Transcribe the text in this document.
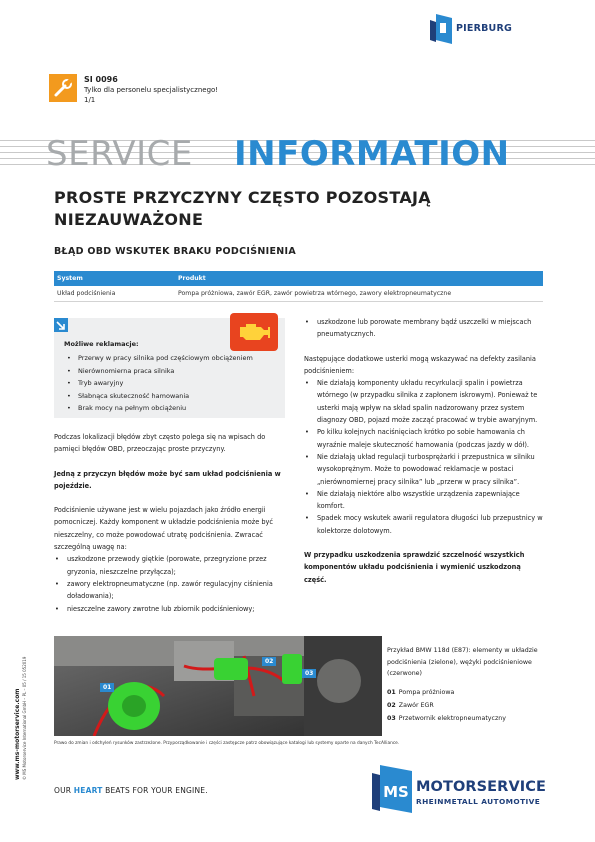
PIERBURG
SI 0096
Tylko dla personelu specjalistycznego!
1/1
SERVICE INFORMATION
PROSTE PRZYCZYNY CZĘSTO POZOSTAJĄ NIEZAUWAŻONE
BŁĄD OBD WSKUTEK BRAKU PODCIŚNIENIA
System	Produkt
Układ podciśnienia	Pompa próżniowa, zawór EGR, zawór powietrza wtórnego, zawory elektropneumatyczne
Możliwe reklamacje:
• Przerwy w pracy silnika pod częściowym obciążeniem
• Nierównomierna praca silnika
• Tryb awaryjny
• Słabnąca skuteczność hamowania
• Brak mocy na pełnym obciążeniu

Podczas lokalizacji błędów zbyt często polega się na wpisach do pamięci błędów OBD, przeoczając proste przyczyny.

Jedną z przyczyn błędów może być sam układ podciśnienia w pojeździe.

Podciśnienie używane jest w wielu pojazdach jako źródło energii pomocniczej. Każdy komponent w układzie podciśnienia może być nieszczelny, co może powodować utratę podciśnienia. Zwracać szczególną uwagę na:

• uszkodzone przewody giętkie (porowate, przegryzione przez gryzonia, nieszczelne przyłącza);
• zawory elektropneumatyczne (np. zawór regulacyjny ciśnienia doładowania);
• nieszczelne zawory zwrotne lub zbiornik podciśnieniowy;
• uszkodzone lub porowate membrany bądź uszczelki w miejscach pneumatycznych.

Następujące dodatkowe usterki mogą wskazywać na defekty zasilania podciśnieniem:

• Nie działają komponenty układu recyrkulacji spalin i powietrza wtórnego (w przypadku silnika z zapłonem iskrowym). Ponieważ te usterki mają wpływ na skład spalin nadzorowany przez system diagnozy OBD, pojazd może zacząć pracować w trybie awaryjnym.
• Po kilku kolejnych naciśnięciach krótko po sobie hamowania ch wyraźnie maleje skuteczność hamowania (podczas jazdy w dół).
• Nie działają układ regulacji turbosprężarki i przepustnica w silniku wysokoprężnym. Może to powodować reklamacje w postaci „nierównomiernej pracy silnika” lub „przerw w pracy silnika”.
• Nie działają niektóre albo wszystkie urządzenia zapewniające komfort.
• Spadek mocy wskutek awarii regulatora długości lub przepustnicy w kolektorze dolotowym.

W przypadku uszkodzenia sprawdzić szczelność wszystkich komponentów układu podciśnienia i wymienić uszkodzoną część.

01
02
03
Przykład BMW 118d (E87): elementy w układzie podciśnienia (zielone), wężyki podciśnieniowe (czerwone)
01 Pompa próżniowa
02 Zawór EGR
03 Przetwornik elektropneumatyczny
Prawo do zmian i odchyleń rysunków zastrzeżone. Przyporządkowanie i części zastępcze patrz obowiązujące katalogi lub systemy oparte na danych TecAlliance.
www.ms-motorservice.com © MS Motorservice International GmbH – PL – 05 / 15 052019
OUR HEART BEATS FOR YOUR ENGINE.	MS MOTORSERVICE
RHEINMETALL AUTOMOTIVE
